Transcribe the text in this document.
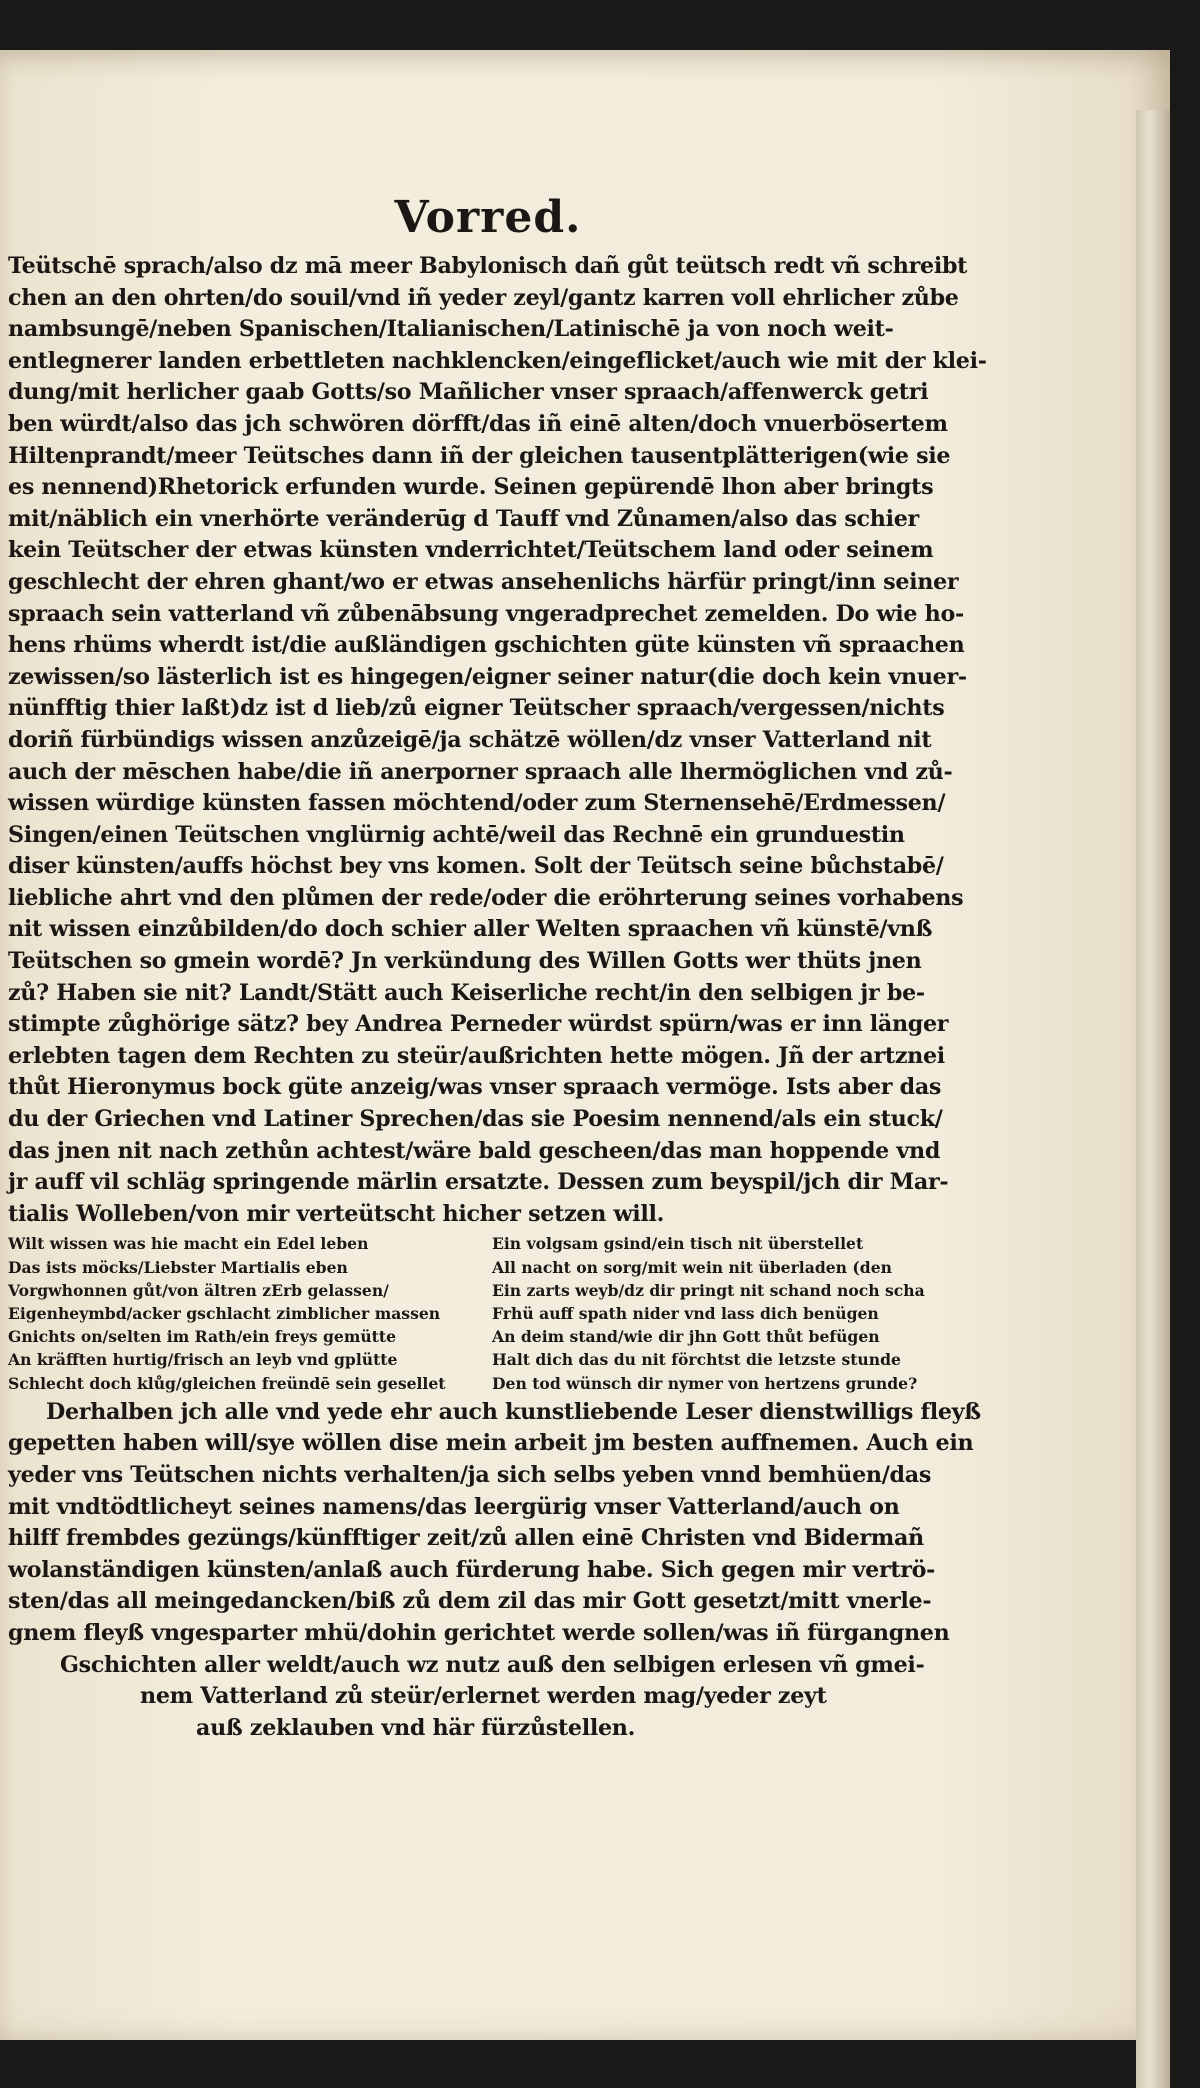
Vorred.
Teütschē sprach/also dz mā meer Babylonisch dañ gůt teütsch redt vñ schreibt
chen an den ohrten/do souil/vnd iñ yeder zeyl/gantz karren voll ehrlicher zůbe
nambsungē/neben Spanischen/Italianischen/Latinischē ja von noch weit-
entlegnerer landen erbettleten nachklencken/eingeflicket/auch wie mit der klei-
dung/mit herlicher gaab Gotts/so Mañlicher vnser spraach/affenwerck getri
ben würdt/also das jch schwören dörfft/das iñ einē alten/doch vnuerbösertem
Hiltenprandt/meer Teütsches dann iñ der gleichen tausentplätterigen(wie sie
es nennend)Rhetorick erfunden wurde. Seinen gepürendē lhon aber bringts
mit/näblich ein vnerhörte veränderūg d Tauff vnd Zůnamen/also das schier
kein Teütscher der etwas künsten vnderrichtet/Teütschem land oder seinem
geschlecht der ehren ghant/wo er etwas ansehenlichs härfür pringt/inn seiner
spraach sein vatterland vñ zůbenābsung vngeradprechet zemelden. Do wie ho-
hens rhüms wherdt ist/die außländigen gschichten güte künsten vñ spraachen
zewissen/so lästerlich ist es hingegen/eigner seiner natur(die doch kein vnuer-
nünfftig thier laßt)dz ist d lieb/zů eigner Teütscher spraach/vergessen/nichts
doriñ fürbündigs wissen anzůzeigē/ja schätzē wöllen/dz vnser Vatterland nit
auch der mēschen habe/die iñ anerporner spraach alle lhermöglichen vnd zů-
wissen würdige künsten fassen möchtend/oder zum Sternensehē/Erdmessen/
Singen/einen Teütschen vnglürnig achtē/weil das Rechnē ein grunduestin
diser künsten/auffs höchst bey vns komen. Solt der Teütsch seine bůchstabē/
liebliche ahrt vnd den plůmen der rede/oder die eröhrterung seines vorhabens
nit wissen einzůbilden/do doch schier aller Welten spraachen vñ künstē/vnß
Teütschen so gmein wordē? Jn verkündung des Willen Gotts wer thüts jnen
zů? Haben sie nit? Landt/Stätt auch Keiserliche recht/in den selbigen jr be-
stimpte zůghörige sätz? bey Andrea Perneder würdst spürn/was er inn länger
erlebten tagen dem Rechten zu steür/außrichten hette mögen. Jñ der artznei
thůt Hieronymus bock güte anzeig/was vnser spraach vermöge. Ists aber das
du der Griechen vnd Latiner Sprechen/das sie Poesim nennend/als ein stuck/
das jnen nit nach zethůn achtest/wäre bald gescheen/das man hoppende vnd
jr auff vil schläg springende märlin ersatzte. Dessen zum beyspil/jch dir Mar-
tialis Wolleben/von mir verteütscht hicher setzen will.
Wilt wissen was hie macht ein Edel leben
Das ists möcks/Liebster Martialis eben
Vorgwhonnen gůt/von ältren zErb gelassen/
Eigenheymbd/acker gschlacht zimblicher massen
Gnichts on/selten im Rath/ein freys gemütte
An kräfften hurtig/frisch an leyb vnd gplütte
Schlecht doch klůg/gleichen freündē sein gesellet
Ein volgsam gsind/ein tisch nit überstellet
All nacht on sorg/mit wein nit überladen (den
Ein zarts weyb/dz dir pringt nit schand noch scha
Frhü auff spath nider vnd lass dich benügen
An deim stand/wie dir jhn Gott thůt befügen
Halt dich das du nit förchtst die letzste stunde
Den tod wünsch dir nymer von hertzens grunde?
Derhalben jch alle vnd yede ehr auch kunstliebende Leser dienstwilligs fleyß
gepetten haben will/sye wöllen dise mein arbeit jm besten auffnemen. Auch ein
yeder vns Teütschen nichts verhalten/ja sich selbs yeben vnnd bemhüen/das
mit vndtödtlicheyt seines namens/das leergürig vnser Vatterland/auch on
hilff frembdes gezüngs/künfftiger zeit/zů allen einē Christen vnd Bidermañ
wolanständigen künsten/anlaß auch fürderung habe. Sich gegen mir vertrö-
sten/das all meingedancken/biß zů dem zil das mir Gott gesetzt/mitt vnerle-
gnem fleyß vngesparter mhü/dohin gerichtet werde sollen/was iñ fürgangnen
Gschichten aller weldt/auch wz nutz auß den selbigen erlesen vñ gmei-
nem Vatterland zů steür/erlernet werden mag/yeder zeyt
auß zeklauben vnd här fürzůstellen.
